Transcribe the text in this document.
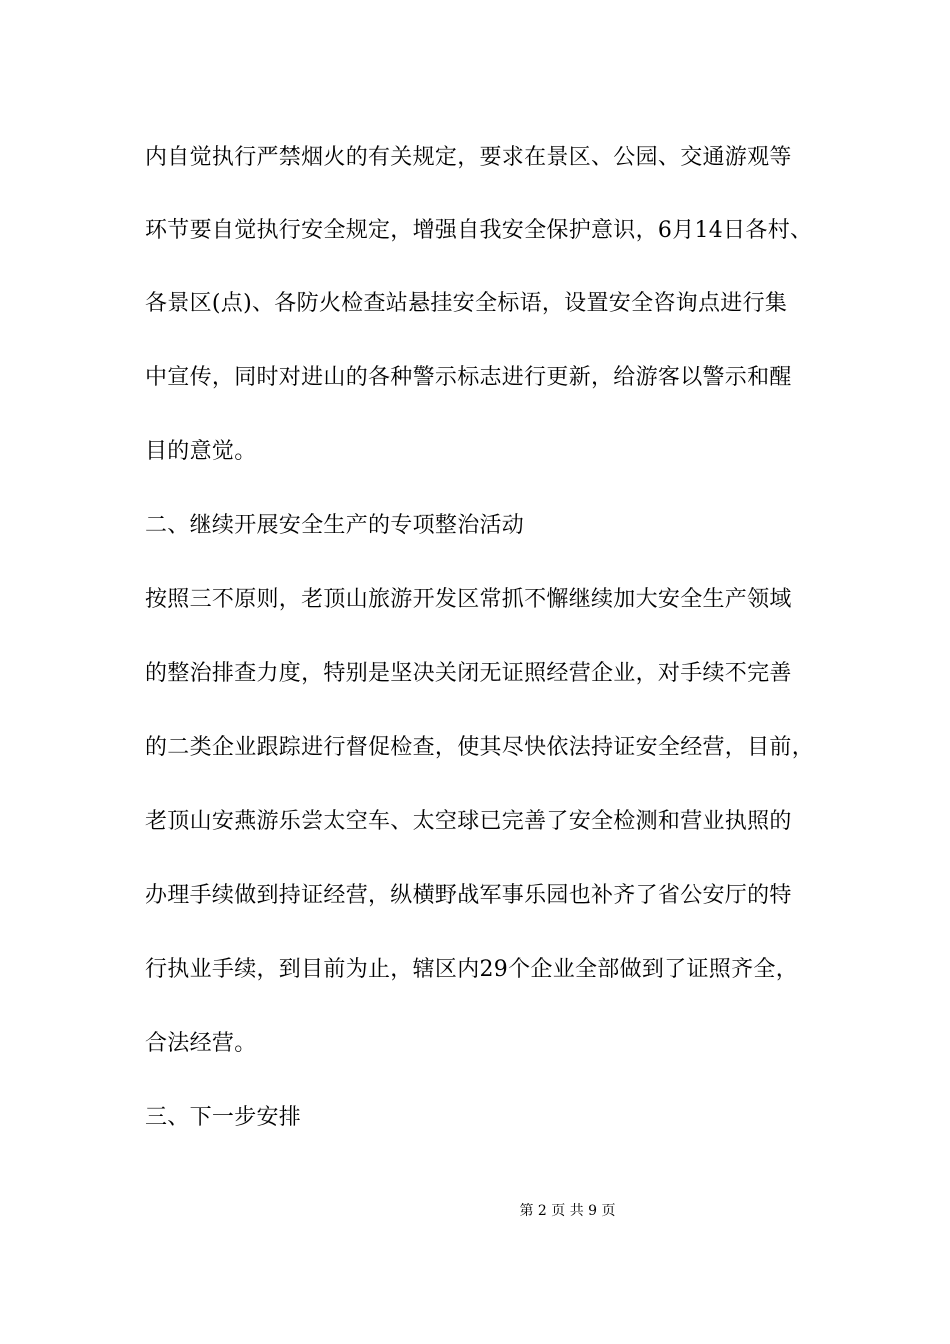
内自觉执行严禁烟火的有关规定，要求在景区、公园、交通游观等
环节要自觉执行安全规定，增强自我安全保护意识，6月14日各村、
各景区(点)、各防火检查站悬挂安全标语，设置安全咨询点进行集
中宣传，同时对进山的各种警示标志进行更新，给游客以警示和醒
目的意觉。
二、继续开展安全生产的专项整治活动
按照三不原则，老顶山旅游开发区常抓不懈继续加大安全生产领域
的整治排查力度，特别是坚决关闭无证照经营企业，对手续不完善
的二类企业跟踪进行督促检查，使其尽快依法持证安全经营，目前，
老顶山安燕游乐尝太空车、太空球已完善了安全检测和营业执照的
办理手续做到持证经营，纵横野战军事乐园也补齐了省公安厅的特
行执业手续，到目前为止，辖区内29个企业全部做到了证照齐全，
合法经营。
三、下一步安排
第 2 页 共 9 页
